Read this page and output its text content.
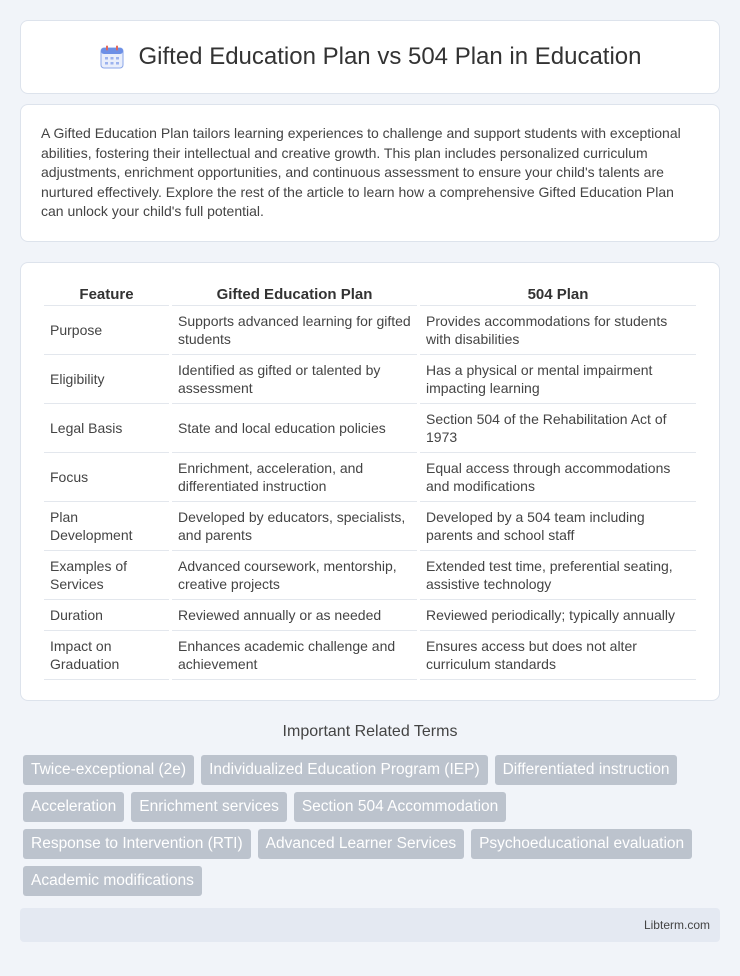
Gifted Education Plan vs 504 Plan in Education

A Gifted Education Plan tailors learning experiences to challenge and support students with exceptional abilities, fostering their intellectual and creative growth. This plan includes personalized curriculum adjustments, enrichment opportunities, and continuous assessment to ensure your child's talents are nurtured effectively. Explore the rest of the article to learn how a comprehensive Gifted Education Plan can unlock your child's full potential.

Feature	Gifted Education Plan	504 Plan
Purpose	Supports advanced learning for gifted students	Provides accommodations for students with disabilities
Eligibility	Identified as gifted or talented by assessment	Has a physical or mental impairment impacting learning
Legal Basis	State and local education policies	Section 504 of the Rehabilitation Act of 1973
Focus	Enrichment, acceleration, and differentiated instruction	Equal access through accommodations and modifications
Plan Development	Developed by educators, specialists, and parents	Developed by a 504 team including parents and school staff
Examples of Services	Advanced coursework, mentorship, creative projects	Extended test time, preferential seating, assistive technology
Duration	Reviewed annually or as needed	Reviewed periodically; typically annually
Impact on Graduation	Enhances academic challenge and achievement	Ensures access but does not alter curriculum standards
Important Related Terms
Twice-exceptional (2e)	Individualized Education Program (IEP)	Differentiated instruction
Acceleration	Enrichment services	Section 504 Accommodation
Response to Intervention (RTI)	Advanced Learner Services	Psychoeducational evaluation
Academic modifications
Libterm.com
